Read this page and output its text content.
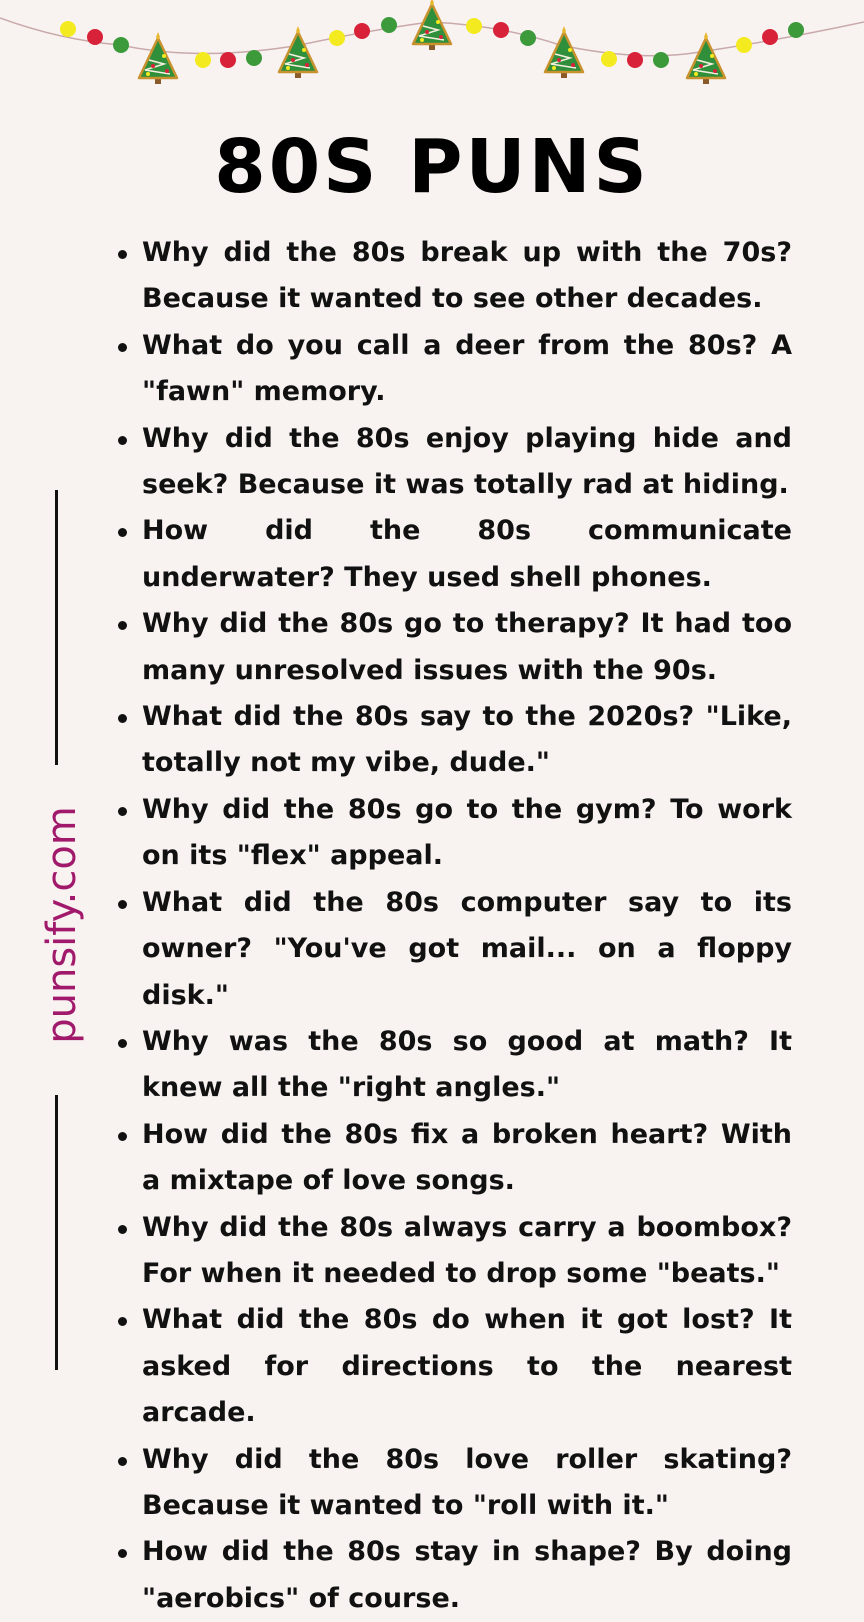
80S PUNS
punsify.com
Why did the 80s break up with the 70s? Because it wanted to see other decades.
What do you call a deer from the 80s? A "fawn" memory.
Why did the 80s enjoy playing hide and seek? Because it was totally rad at hiding.
How did the 80s communicate underwater? They used shell phones.
Why did the 80s go to therapy? It had too many unresolved issues with the 90s.
What did the 80s say to the 2020s? "Like, totally not my vibe, dude."
Why did the 80s go to the gym? To work on its "flex" appeal.
What did the 80s computer say to its owner? "You've got mail... on a floppy disk."
Why was the 80s so good at math? It knew all the "right angles."
How did the 80s fix a broken heart? With a mixtape of love songs.
Why did the 80s always carry a boombox? For when it needed to drop some "beats."
What did the 80s do when it got lost? It asked for directions to the nearest arcade.
Why did the 80s love roller skating? Because it wanted to "roll with it."
How did the 80s stay in shape? By doing "aerobics" of course.
